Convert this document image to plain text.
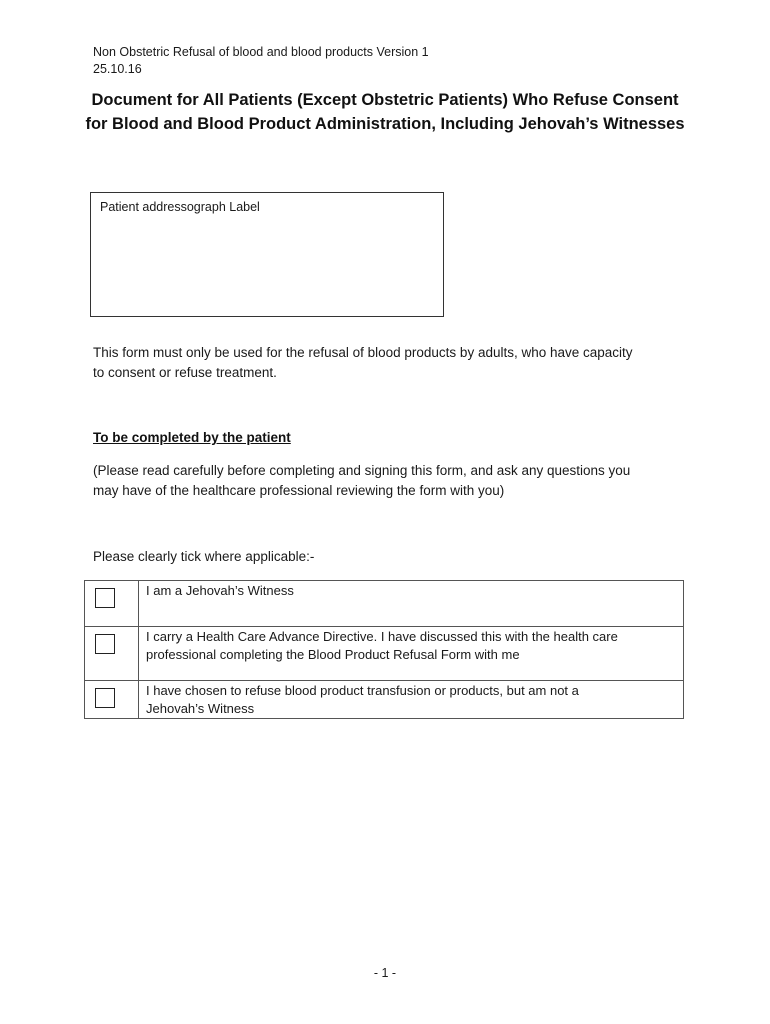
Non Obstetric Refusal of blood and blood products Version 1
25.10.16
Document for All Patients (Except Obstetric Patients) Who Refuse Consent
for Blood and Blood Product Administration, Including Jehovah’s Witnesses
Patient addressograph Label
This form must only be used for the refusal of blood products by adults, who have capacity
to consent or refuse treatment.
To be completed by the patient
(Please read carefully before completing and signing this form, and ask any questions you
may have of the healthcare professional reviewing the form with you)
Please clearly tick where applicable:-

	I am a Jehovah’s Witness

	I carry a Health Care Advance Directive. I have discussed this with the health care
professional completing the Blood Product Refusal Form with me

	I have chosen to refuse blood product transfusion or products, but am not a
Jehovah’s Witness
- 1 -
